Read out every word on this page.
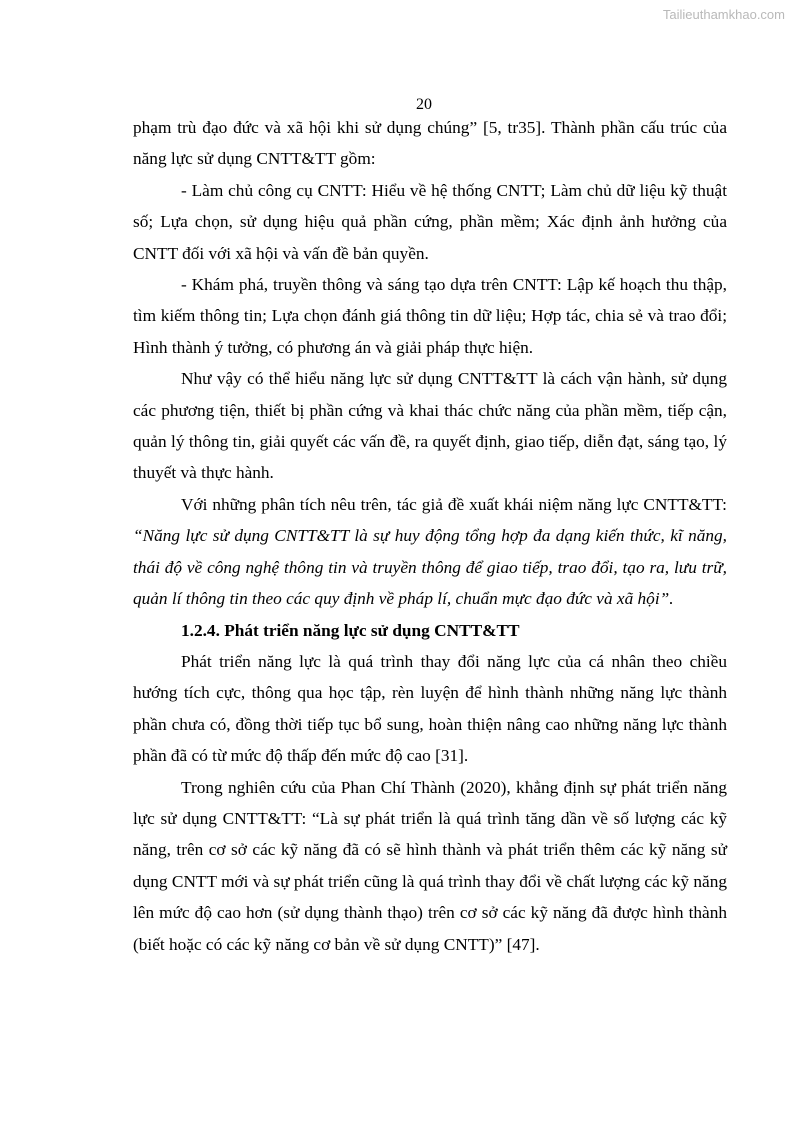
Tailieuthamkhao.com
20

phạm trù đạo đức và xã hội khi sử dụng chúng” [5, tr35]. Thành phần cấu trúc của năng lực sử dụng CNTT&TT gồm:

- Làm chủ công cụ CNTT: Hiểu về hệ thống CNTT; Làm chủ dữ liệu kỹ thuật số; Lựa chọn, sử dụng hiệu quả phần cứng, phần mềm; Xác định ảnh hưởng của CNTT đối với xã hội và vấn đề bản quyền.

- Khám phá, truyền thông và sáng tạo dựa trên CNTT: Lập kế hoạch thu thập, tìm kiếm thông tin; Lựa chọn đánh giá thông tin dữ liệu; Hợp tác, chia sẻ và trao đổi; Hình thành ý tưởng, có phương án và giải pháp thực hiện.

Như vậy có thể hiểu năng lực sử dụng CNTT&TT là cách vận hành, sử dụng các phương tiện, thiết bị phần cứng và khai thác chức năng của phần mềm, tiếp cận, quản lý thông tin, giải quyết các vấn đề, ra quyết định, giao tiếp, diễn đạt, sáng tạo, lý thuyết và thực hành.

Với những phân tích nêu trên, tác giả đề xuất khái niệm năng lực CNTT&TT: “Năng lực sử dụng CNTT&TT là sự huy động tổng hợp đa dạng kiến thức, kĩ năng, thái độ về công nghệ thông tin và truyền thông để giao tiếp, trao đổi, tạo ra, lưu trữ, quản lí thông tin theo các quy định về pháp lí, chuẩn mực đạo đức và xã hội”.

1.2.4. Phát triển năng lực sử dụng CNTT&TT

Phát triển năng lực là quá trình thay đổi năng lực của cá nhân theo chiều hướng tích cực, thông qua học tập, rèn luyện để hình thành những năng lực thành phần chưa có, đồng thời tiếp tục bổ sung, hoàn thiện nâng cao những năng lực thành phần đã có từ mức độ thấp đến mức độ cao [31].

Trong nghiên cứu của Phan Chí Thành (2020), khẳng định sự phát triển năng lực sử dụng CNTT&TT: “Là sự phát triển là quá trình tăng dần về số lượng các kỹ năng, trên cơ sở các kỹ năng đã có sẽ hình thành và phát triển thêm các kỹ năng sử dụng CNTT mới và sự phát triển cũng là quá trình thay đổi về chất lượng các kỹ năng lên mức độ cao hơn (sử dụng thành thạo) trên cơ sở các kỹ năng đã được hình thành (biết hoặc có các kỹ năng cơ bản về sử dụng CNTT)” [47].
